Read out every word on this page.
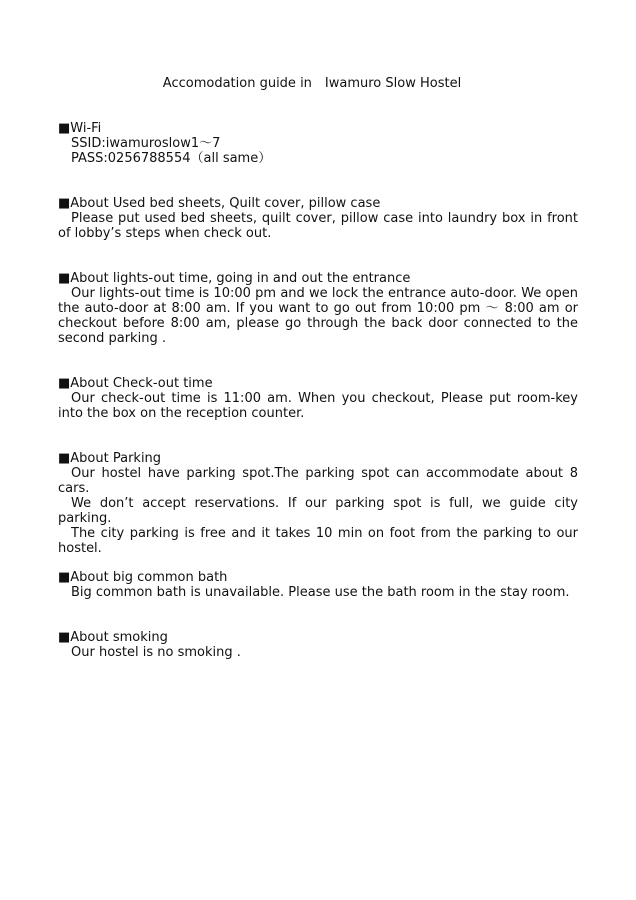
Accomodation guide in　Iwamuro Slow Hostel

■Wi-Fi

SSID:iwamuroslow1～7

PASS:0256788554（all same）

■About Used bed sheets, Quilt cover, pillow case

Please put used bed sheets, quilt cover, pillow case into laundry box in front of lobby’s steps when check out.

■About lights-out time, going in and out the entrance

Our lights-out time is 10:00 pm and we lock the entrance auto-door. We open the auto-door at 8:00 am. If you want to go out from 10:00 pm ～ 8:00 am or checkout before 8:00 am, please go through the back door connected to the second parking .

■About Check-out time

Our check-out time is 11:00 am. When you checkout, Please put room-key into the box on the reception counter.

■About Parking

Our hostel have parking spot.The parking spot can accommodate about 8 cars.

We don’t accept reservations. If our parking spot is full, we guide city parking.

The city parking is free and it takes 10 min on foot from the parking to our hostel.

■About big common bath

Big common bath is unavailable. Please use the bath room in the stay room.

■About smoking

Our hostel is no smoking .
